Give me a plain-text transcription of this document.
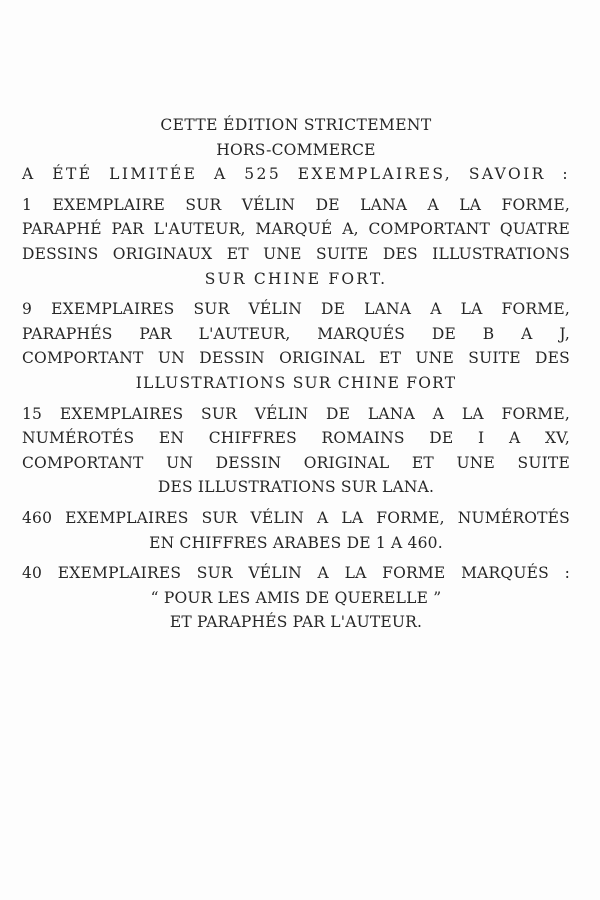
CETTE ÉDITION STRICTEMENT
HORS-COMMERCE
A ÉTÉ LIMITÉE A 525 EXEMPLAIRES, SAVOIR :
1 EXEMPLAIRE SUR VÉLIN DE LANA A LA FORME,
PARAPHÉ PAR L'AUTEUR, MARQUÉ A, COMPORTANT QUATRE
DESSINS ORIGINAUX ET UNE SUITE DES ILLUSTRATIONS
SUR CHINE FORT.
9 EXEMPLAIRES SUR VÉLIN DE LANA A LA FORME,
PARAPHÉS PAR L'AUTEUR, MARQUÉS DE B A J,
COMPORTANT UN DESSIN ORIGINAL ET UNE SUITE DES
ILLUSTRATIONS SUR CHINE FORT
15 EXEMPLAIRES SUR VÉLIN DE LANA A LA FORME,
NUMÉROTÉS EN CHIFFRES ROMAINS DE I A XV,
COMPORTANT UN DESSIN ORIGINAL ET UNE SUITE
DES ILLUSTRATIONS SUR LANA.
460 EXEMPLAIRES SUR VÉLIN A LA FORME, NUMÉROTÉS
EN CHIFFRES ARABES DE 1 A 460.
40 EXEMPLAIRES SUR VÉLIN A LA FORME MARQUÉS :
“ POUR LES AMIS DE QUERELLE ”
ET PARAPHÉS PAR L'AUTEUR.
